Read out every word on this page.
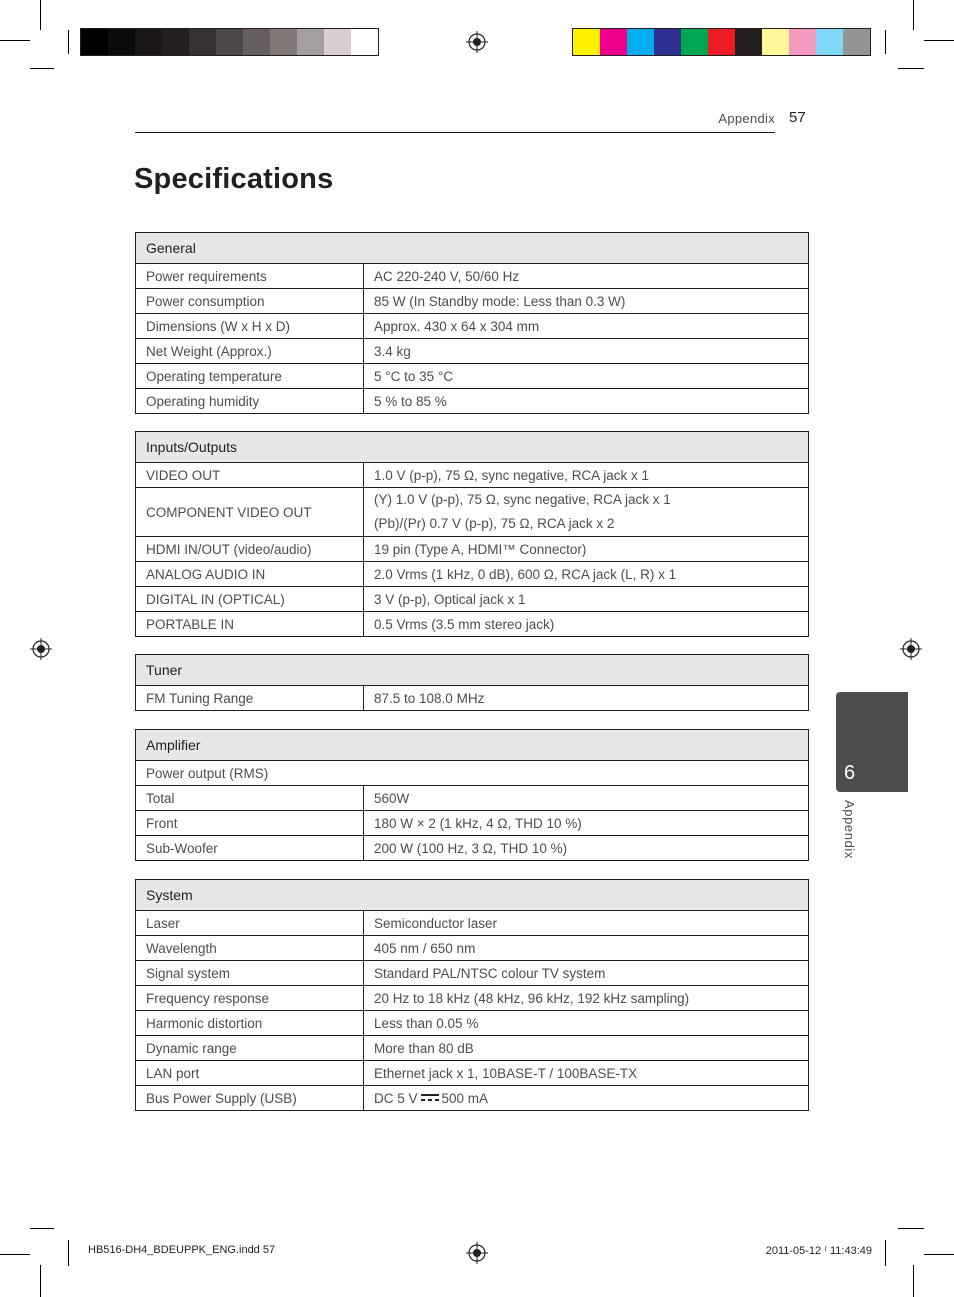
Appendix 57
Specifications
General	
Power requirements	AC 220-240 V, 50/60 Hz
Power consumption	85 W (In Standby mode: Less than 0.3 W)
Dimensions (W x H x D)	Approx. 430 x 64 x 304 mm
Net Weight (Approx.)	3.4 kg
Operating temperature	5 °C to 35 °C
Operating humidity	5 % to 85 %
Inputs/Outputs	
VIDEO OUT	1.0 V (p-p), 75 Ω, sync negative, RCA jack x 1
COMPONENT VIDEO OUT	(Y) 1.0 V (p-p), 75 Ω, sync negative, RCA jack x 1
(Pb)/(Pr) 0.7 V (p-p), 75 Ω, RCA jack x 2

HDMI IN/OUT (video/audio)	19 pin (Type A, HDMI™ Connector)
ANALOG AUDIO IN	2.0 Vrms (1 kHz, 0 dB), 600 Ω, RCA jack (L, R) x 1
DIGITAL IN (OPTICAL)	3 V (p-p), Optical jack x 1
PORTABLE IN	0.5 Vrms (3.5 mm stereo jack)
Tuner
FM Tuning Range	87.5 to 108.0 MHz
Amplifier	
Power output (RMS)	
Total	560W
Front	180 W × 2 (1 kHz, 4 Ω, THD 10 %)
Sub-Woofer	200 W (100 Hz, 3 Ω, THD 10 %)
System	
Laser	Semiconductor laser
Wavelength	405 nm / 650 nm
Signal system	Standard PAL/NTSC colour TV system
Frequency response	20 Hz to 18 kHz (48 kHz, 96 kHz, 192 kHz sampling)
Harmonic distortion	Less than 0.05 %
Dynamic range	More than 80 dB
LAN port	Ethernet jack x 1, 10BASE-T / 100BASE-TX
Bus Power Supply (USB)	DC 5 V 500 mA
6
Appendix
HB516-DH4_BDEUPPK_ENG.indd 57	2011-05-12 ⁽ 11:43:49
